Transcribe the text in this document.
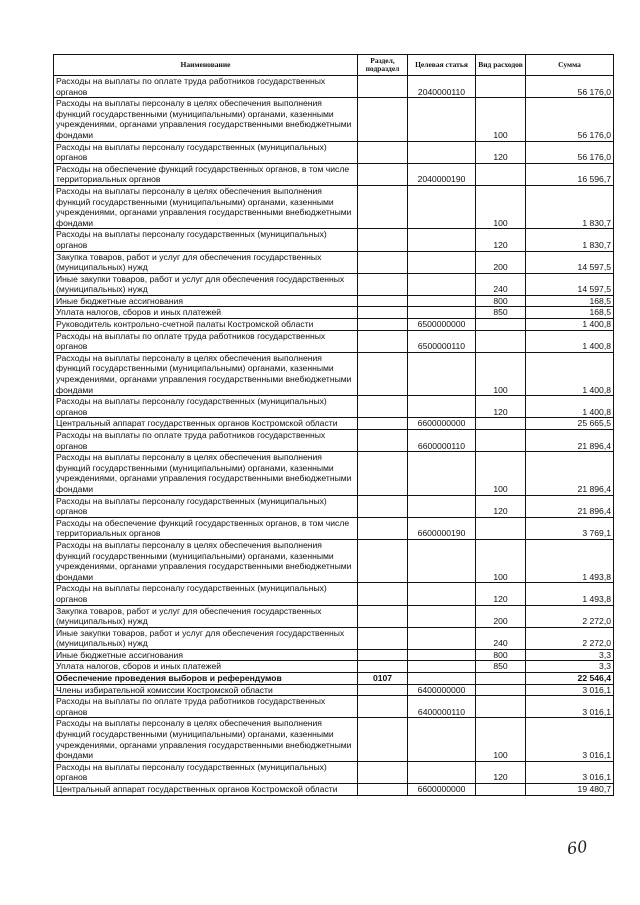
Наименование	Раздел, подраздел	Целевая статья	Вид расходов	Сумма
Расходы на выплаты по оплате труда работников государственных органов		2040000110		56 176,0
Расходы на выплаты персоналу в целях обеспечения выполнения функций государственными (муниципальными) органами, казенными учреждениями, органами управления государственными внебюджетными фондами			100	56 176,0
Расходы на выплаты персоналу государственных (муниципальных) органов			120	56 176,0
Расходы на обеспечение функций государственных органов, в том числе территориальных органов		2040000190		16 596,7
Расходы на выплаты персоналу в целях обеспечения выполнения функций государственными (муниципальными) органами, казенными учреждениями, органами управления государственными внебюджетными фондами			100	1 830,7
Расходы на выплаты персоналу государственных (муниципальных) органов			120	1 830,7
Закупка товаров, работ и услуг для обеспечения государственных (муниципальных) нужд			200	14 597,5
Иные закупки товаров, работ и услуг для обеспечения государственных (муниципальных) нужд			240	14 597,5
Иные бюджетные ассигнования			800	168,5
Уплата налогов, сборов и иных платежей			850	168,5
Руководитель контрольно-счетной палаты Костромской области		6500000000		1 400,8
Расходы на выплаты по оплате труда работников государственных органов		6500000110		1 400,8
Расходы на выплаты персоналу в целях обеспечения выполнения функций государственными (муниципальными) органами, казенными учреждениями, органами управления государственными внебюджетными фондами			100	1 400,8
Расходы на выплаты персоналу государственных (муниципальных) органов			120	1 400,8
Центральный аппарат государственных органов Костромской области		6600000000		25 665,5
Расходы на выплаты по оплате труда работников государственных органов		6600000110		21 896,4
Расходы на выплаты персоналу в целях обеспечения выполнения функций государственными (муниципальными) органами, казенными учреждениями, органами управления государственными внебюджетными фондами			100	21 896,4
Расходы на выплаты персоналу государственных (муниципальных) органов			120	21 896,4
Расходы на обеспечение функций государственных органов, в том числе территориальных органов		6600000190		3 769,1
Расходы на выплаты персоналу в целях обеспечения выполнения функций государственными (муниципальными) органами, казенными учреждениями, органами управления государственными внебюджетными фондами			100	1 493,8
Расходы на выплаты персоналу государственных (муниципальных) органов			120	1 493,8
Закупка товаров, работ и услуг для обеспечения государственных (муниципальных) нужд			200	2 272,0
Иные закупки товаров, работ и услуг для обеспечения государственных (муниципальных) нужд			240	2 272,0
Иные бюджетные ассигнования			800	3,3
Уплата налогов, сборов и иных платежей			850	3,3
Обеспечение проведения выборов и референдумов	0107			22 546,4
Члены избирательной комиссии Костромской области		6400000000		3 016,1
Расходы на выплаты по оплате труда работников государственных органов		6400000110		3 016,1
Расходы на выплаты персоналу в целях обеспечения выполнения функций государственными (муниципальными) органами, казенными учреждениями, органами управления государственными внебюджетными фондами			100	3 016,1
Расходы на выплаты персоналу государственных (муниципальных) органов			120	3 016,1
Центральный аппарат государственных органов Костромской области		6600000000		19 480,7
60
